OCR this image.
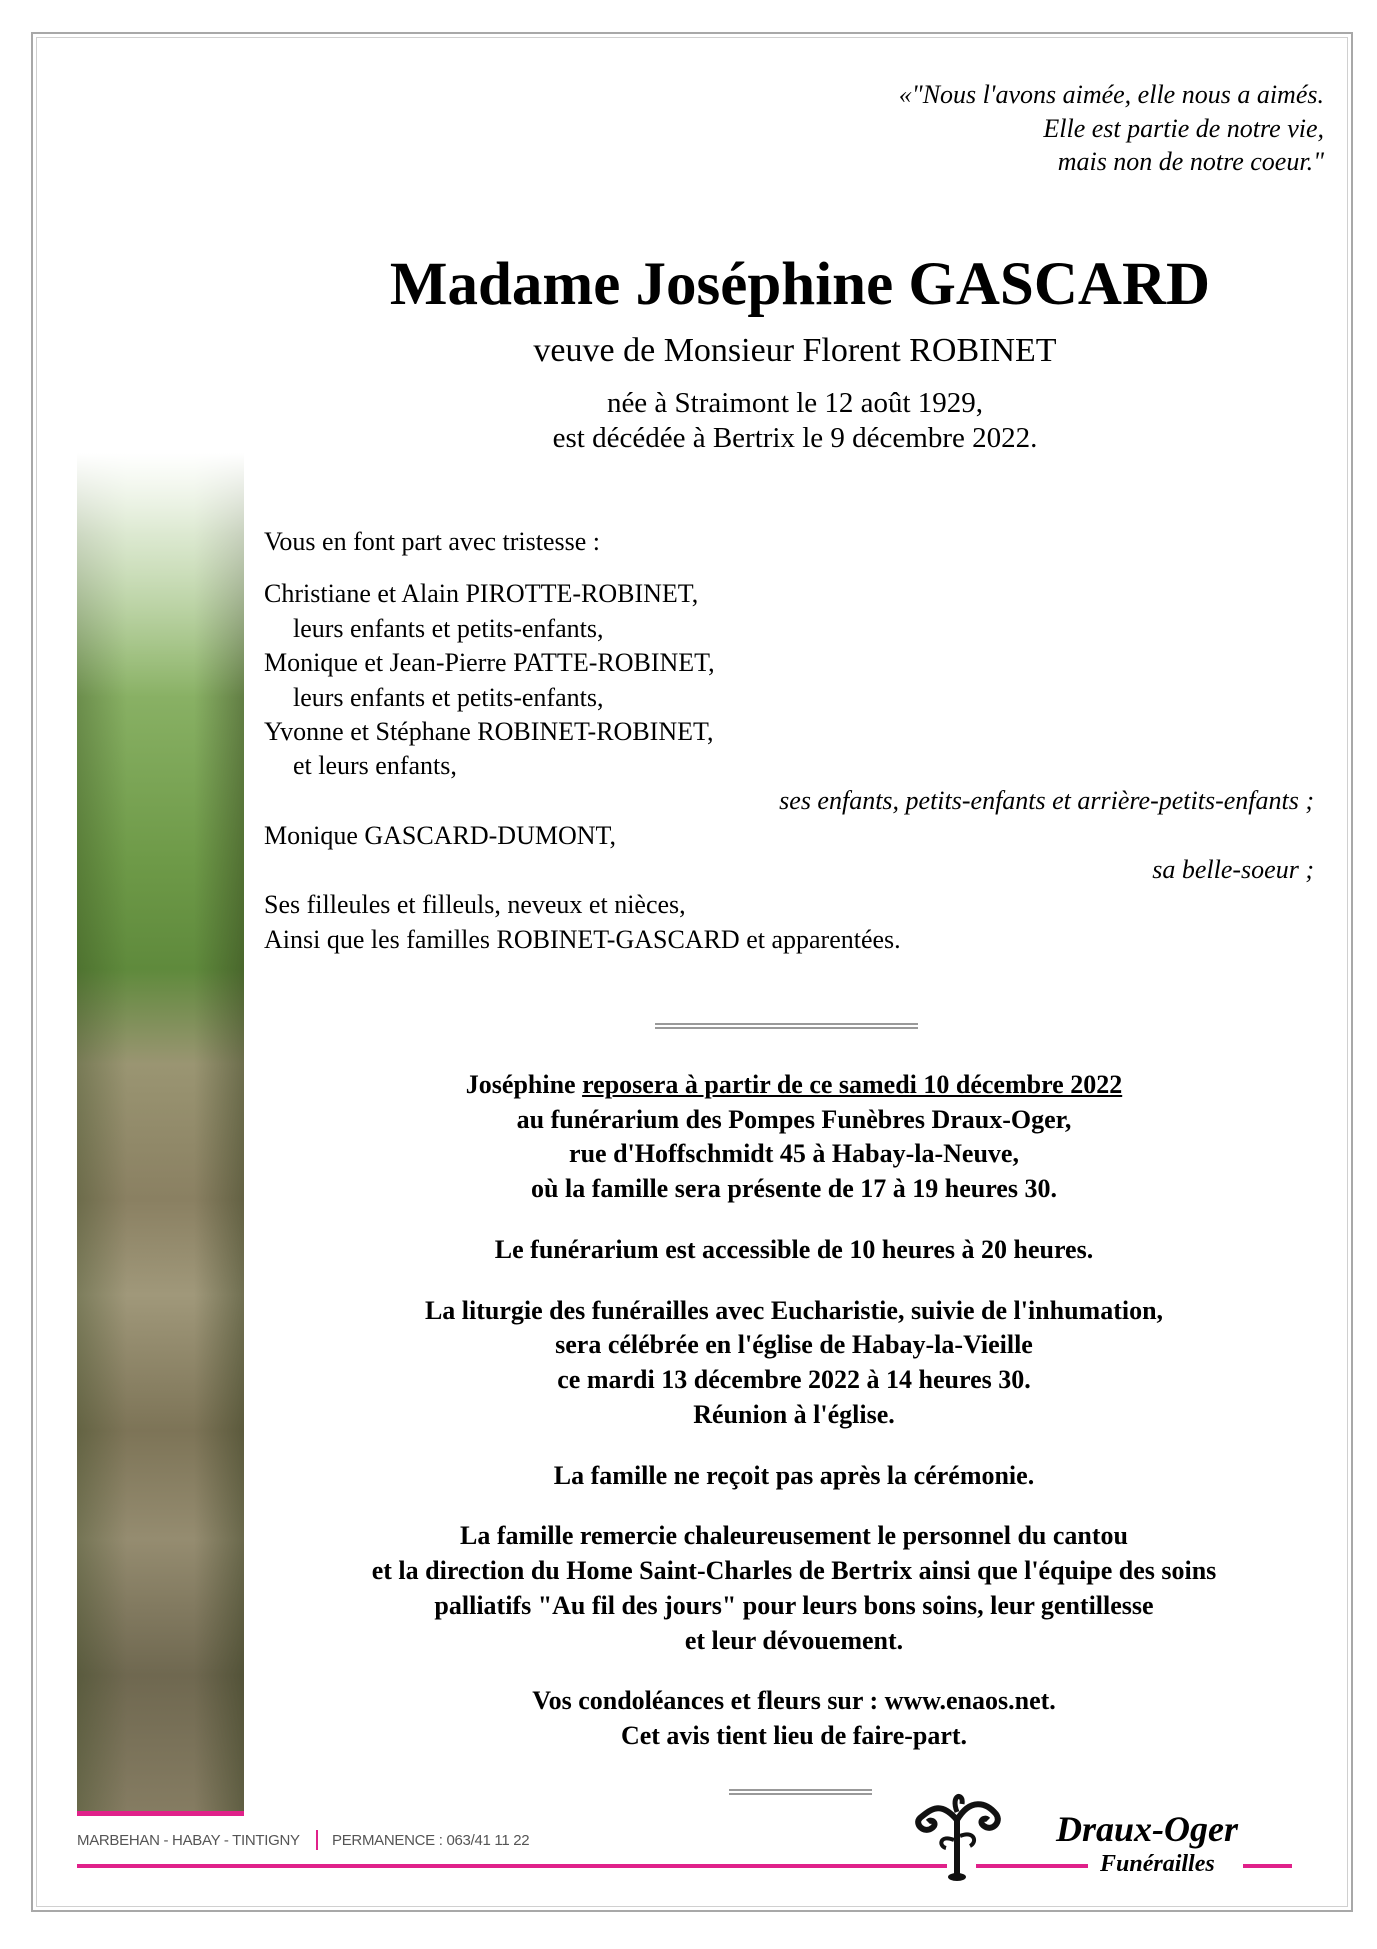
«"Nous l'avons aimée, elle nous a aimés.
Elle est partie de notre vie,
mais non de notre coeur."
Madame Joséphine GASCARD
veuve de Monsieur Florent ROBINET
née à Straimont le 12 août 1929,
est décédée à Bertrix le 9 décembre 2022.
Vous en font part avec tristesse :
Christiane et Alain PIROTTE-ROBINET,
leurs enfants et petits-enfants,
Monique et Jean-Pierre PATTE-ROBINET,
leurs enfants et petits-enfants,
Yvonne et Stéphane ROBINET-ROBINET,
et leurs enfants,
ses enfants, petits-enfants et arrière-petits-enfants ;
Monique GASCARD-DUMONT,
sa belle-soeur ;
Ses filleules et filleuls, neveux et nièces,
Ainsi que les familles ROBINET-GASCARD et apparentées.
Joséphine reposera à partir de ce samedi 10 décembre 2022
au funérarium des Pompes Funèbres Draux-Oger,
rue d'Hoffschmidt 45 à Habay-la-Neuve,
où la famille sera présente de 17 à 19 heures 30.
Le funérarium est accessible de 10 heures à 20 heures.
La liturgie des funérailles avec Eucharistie, suivie de l'inhumation,
sera célébrée en l'église de Habay-la-Vieille
ce mardi 13 décembre 2022 à 14 heures 30.
Réunion à l'église.
La famille ne reçoit pas après la cérémonie.
La famille remercie chaleureusement le personnel du cantou
et la direction du Home Saint-Charles de Bertrix ainsi que l'équipe des soins
palliatifs "Au fil des jours" pour leurs bons soins, leur gentillesse
et leur dévouement.
Vos condoléances et fleurs sur : www.enaos.net.
Cet avis tient lieu de faire-part.
MARBEHAN - HABAY - TINTIGNY PERMANENCE : 063/41 11 22	Draux-Oger
Funérailles
